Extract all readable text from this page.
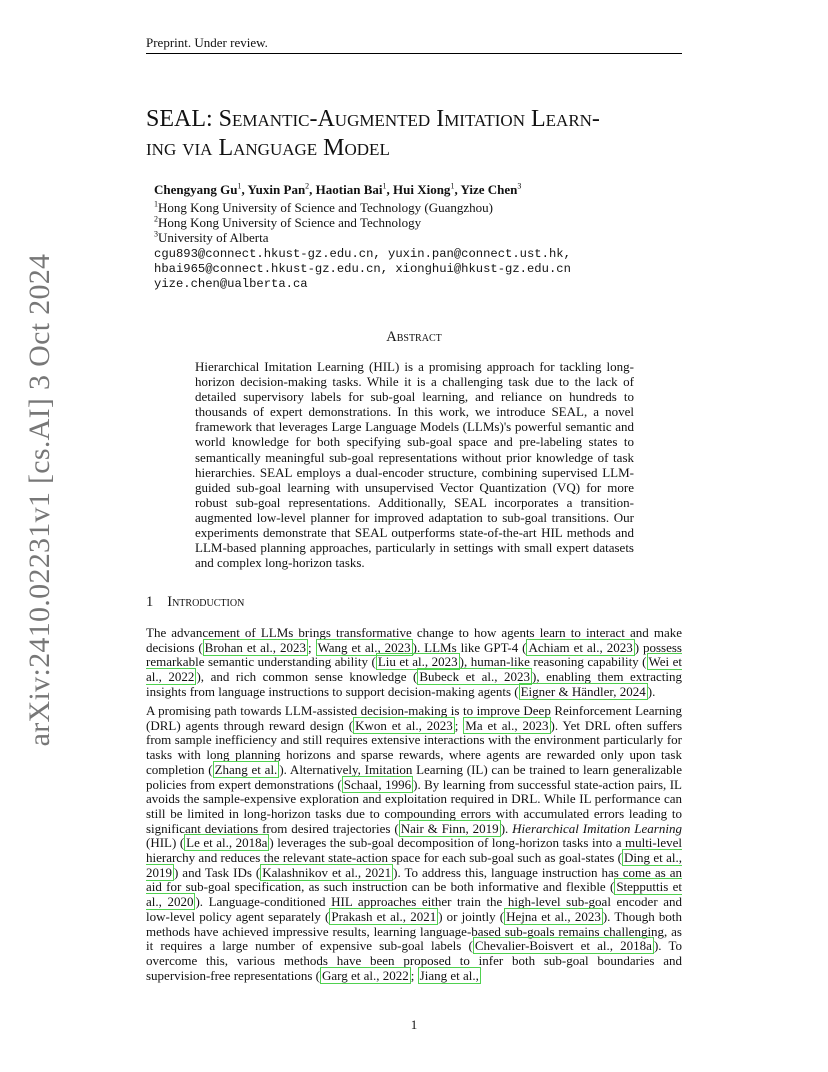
Preprint. Under review.
arXiv:2410.02231v1 [cs.AI] 3 Oct 2024
SEAL: Semantic-Augmented Imitation Learn-
ing via Language Model
Chengyang Gu$^1$, Yuxin Pan$^2$, Haotian Bai$^1$, Hui Xiong$^1$, Yize Chen$^3$
$^1$Hong Kong University of Science and Technology (Guangzhou)
$^2$Hong Kong University of Science and Technology
$^3$University of Alberta
cgu893@connect.hkust-gz.edu.cn, yuxin.pan@connect.ust.hk,
hbai965@connect.hkust-gz.edu.cn, xionghui@hkust-gz.edu.cn
yize.chen@ualberta.ca
Abstract
Hierarchical Imitation Learning (HIL) is a promising approach for tackling long-horizon decision-making tasks. While it is a challenging task due to the lack of detailed supervisory labels for sub-goal learning, and reliance on hundreds to thousands of expert demonstrations. In this work, we introduce SEAL, a novel framework that leverages Large Language Models (LLMs)'s powerful semantic and world knowledge for both specifying sub-goal space and pre-labeling states to semantically meaningful sub-goal representations without prior knowledge of task hierarchies. SEAL employs a dual-encoder structure, combining supervised LLM-guided sub-goal learning with unsupervised Vector Quantization (VQ) for more robust sub-goal representations. Additionally, SEAL incorporates a transition-augmented low-level planner for improved adaptation to sub-goal transitions. Our experiments demonstrate that SEAL outperforms state-of-the-art HIL methods and LLM-based planning approaches, particularly in settings with small expert datasets and complex long-horizon tasks.
1 Introduction
The advancement of LLMs brings transformative change to how agents learn to interact and make decisions ( Brohan et al., 2023 ; Wang et al., 2023 ). LLMs like GPT-4 ( Achiam et al., 2023 ) possess remarkable semantic understanding ability ( Liu et al., 2023 ), human-like reasoning capability ( Wei et al., 2022 ), and rich common sense knowledge ( Bubeck et al., 2023 ), enabling them extracting insights from language instructions to support decision-making agents ( Eigner & Händler, 2024 ).
A promising path towards LLM-assisted decision-making is to improve Deep Reinforcement Learning (DRL) agents through reward design ( Kwon et al., 2023 ; Ma et al., 2023 ). Yet DRL often suffers from sample inefficiency and still requires extensive interactions with the environment particularly for tasks with long planning horizons and sparse rewards, where agents are rewarded only upon task completion ( Zhang et al. ). Alternatively, Imitation Learning (IL) can be trained to learn generalizable policies from expert demonstrations ( Schaal, 1996 ). By learning from successful state-action pairs, IL avoids the sample-expensive exploration and exploitation required in DRL. While IL performance can still be limited in long-horizon tasks due to compounding errors with accumulated errors leading to significant deviations from desired trajectories ( Nair & Finn, 2019 ). Hierarchical Imitation Learning (HIL) ( Le et al., 2018a ) leverages the sub-goal decomposition of long-horizon tasks into a multi-level hierarchy and reduces the relevant state-action space for each sub-goal such as goal-states ( Ding et al., 2019 ) and Task IDs ( Kalashnikov et al., 2021 ). To address this, language instruction has come as an aid for sub-goal specification, as such instruction can be both informative and flexible ( Stepputtis et al., 2020 ). Language-conditioned HIL approaches either train the high-level sub-goal encoder and low-level policy agent separately ( Prakash et al., 2021 ) or jointly ( Hejna et al., 2023 ). Though both methods have achieved impressive results, learning language-based sub-goals remains challenging, as it requires a large number of expensive sub-goal labels ( Chevalier-Boisvert et al., 2018a ). To overcome this, various methods have been proposed to infer both sub-goal boundaries and supervision-free representations ( Garg et al., 2022 ; Jiang et al.,
1
